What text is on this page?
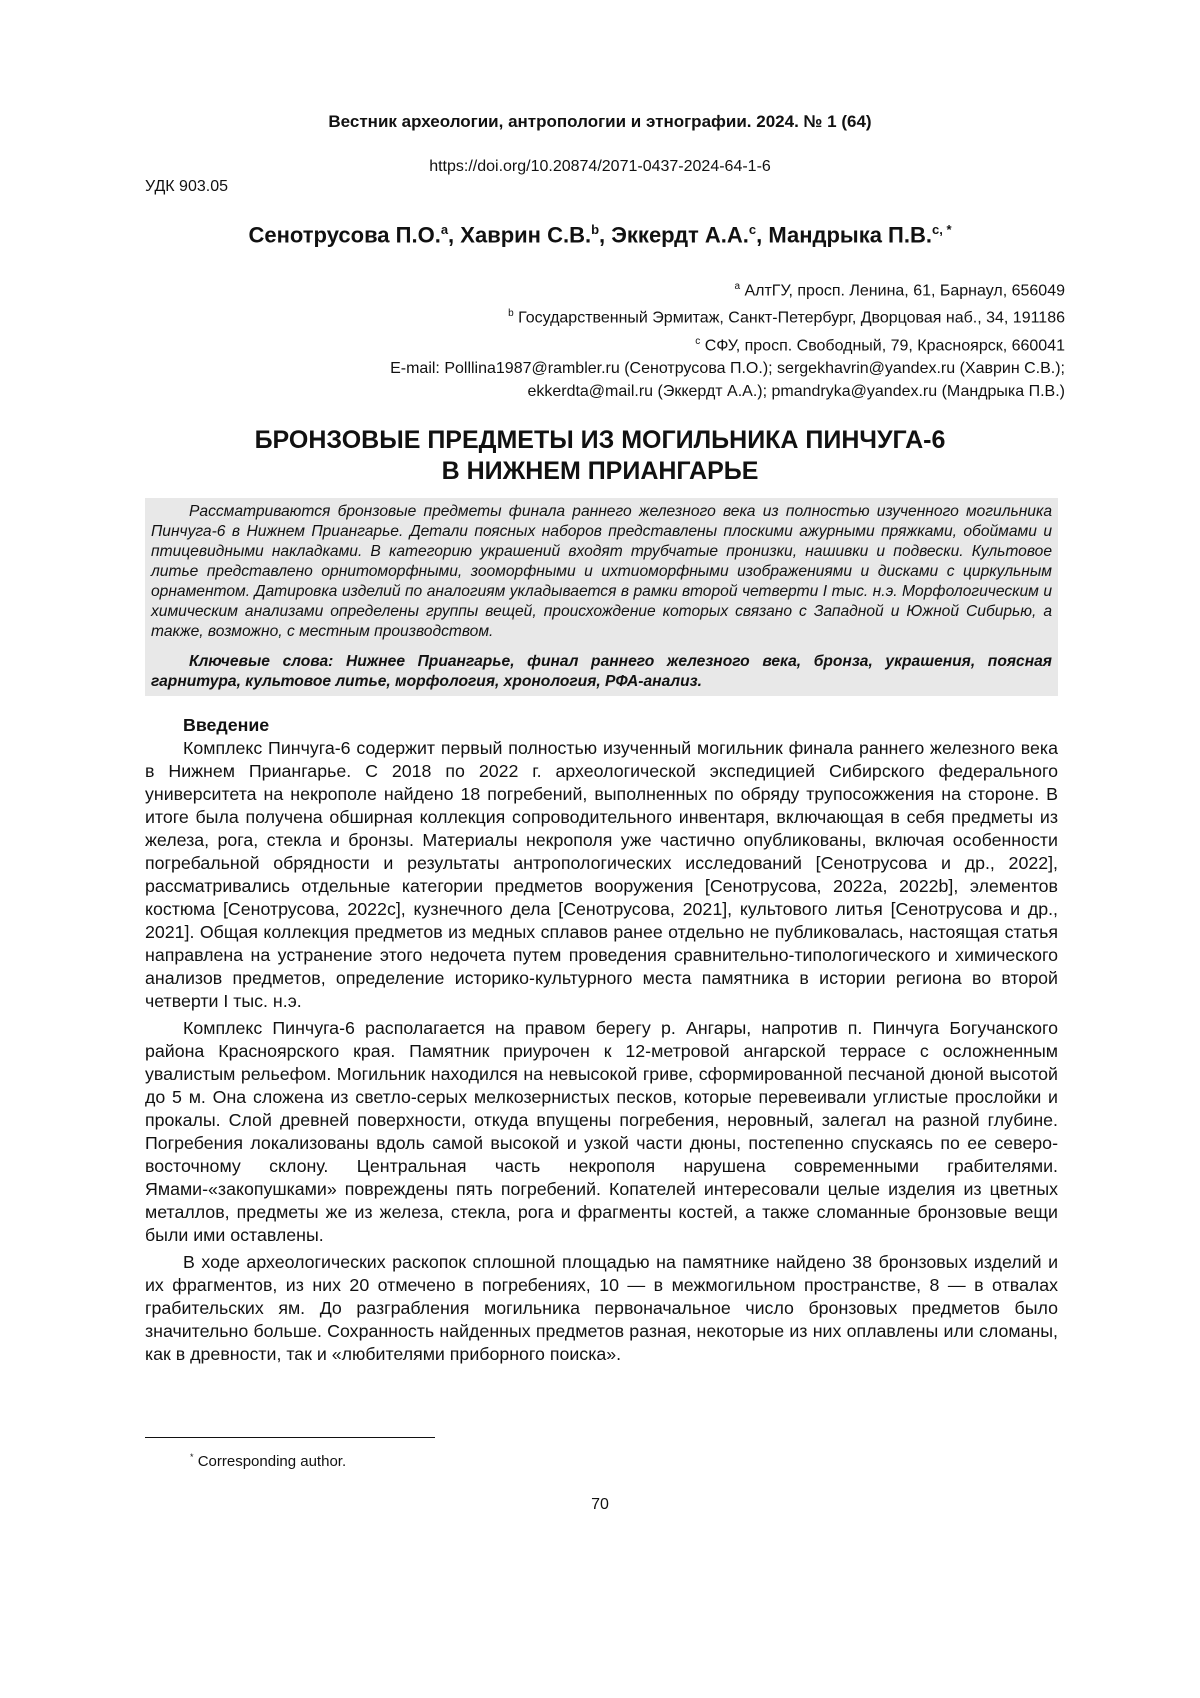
Вестник археологии, антропологии и этнографии. 2024. № 1 (64)
https://doi.org/10.20874/2071-0437-2024-64-1-6
УДК 903.05
Сенотрусова П.О.$^a$, Хаврин С.В.$^b$, Эккердт А.А.$^c$, Мандрыка П.В.$^{c, *}$
$^a$ АлтГУ, просп. Ленина, 61, Барнаул, 656049
$^b$ Государственный Эрмитаж, Санкт-Петербург, Дворцовая наб., 34, 191186
$^c$ СФУ, просп. Свободный, 79, Красноярск, 660041
E-mail: Polllina1987@rambler.ru (Сенотрусова П.О.); sergekhavrin@yandex.ru (Хаврин С.В.);
ekkerdta@mail.ru (Эккердт А.А.); pmandryka@yandex.ru (Мандрыка П.В.)
БРОНЗОВЫЕ ПРЕДМЕТЫ ИЗ МОГИЛЬНИКА ПИНЧУГА-6
В НИЖНЕМ ПРИАНГАРЬЕ

Рассматриваются бронзовые предметы финала раннего железного века из полностью изученного могильника Пинчуга-6 в Нижнем Приангарье. Детали поясных наборов представлены плоскими ажурными пряжками, обоймами и птицевидными накладками. В категорию украшений входят трубчатые пронизки, нашивки и подвески. Культовое литье представлено орнитоморфными, зооморфными и ихтиоморфными изображениями и дисками с циркульным орнаментом. Датировка изделий по аналогиям укладывается в рамки второй четверти I тыс. н.э. Морфологическим и химическим анализами определены группы вещей, происхождение которых связано с Западной и Южной Сибирью, а также, возможно, с местным производством.

Ключевые слова: Нижнее Приангарье, финал раннего железного века, бронза, украшения, поясная гарнитура, культовое литье, морфология, хронология, РФА-анализ.

Введение

Комплекс Пинчуга-6 содержит первый полностью изученный могильник финала раннего железного века в Нижнем Приангарье. С 2018 по 2022 г. археологической экспедицией Сибирского федерального университета на некрополе найдено 18 погребений, выполненных по обряду трупосожжения на стороне. В итоге была получена обширная коллекция сопроводительного инвентаря, включающая в себя предметы из железа, рога, стекла и бронзы. Материалы некрополя уже частично опубликованы, включая особенности погребальной обрядности и результаты антропологических исследований [Сенотрусова и др., 2022], рассматривались отдельные категории предметов вооружения [Сенотрусова, 2022а, 2022b], элементов костюма [Сенотрусова, 2022c], кузнечного дела [Сенотрусова, 2021], культового литья [Сенотрусова и др., 2021]. Общая коллекция предметов из медных сплавов ранее отдельно не публиковалась, настоящая статья направлена на устранение этого недочета путем проведения сравнительно-типологического и химического анализов предметов, определение историко-культурного места памятника в истории региона во второй четверти I тыс. н.э.

Комплекс Пинчуга-6 располагается на правом берегу р. Ангары, напротив п. Пинчуга Богучанского района Красноярского края. Памятник приурочен к 12-метровой ангарской террасе с осложненным увалистым рельефом. Могильник находился на невысокой гриве, сформированной песчаной дюной высотой до 5 м. Она сложена из светло-серых мелкозернистых песков, которые перевеивали углистые прослойки и прокалы. Слой древней поверхности, откуда впущены погребения, неровный, залегал на разной глубине. Погребения локализованы вдоль самой высокой и узкой части дюны, постепенно спускаясь по ее северо-восточному склону. Центральная часть некрополя нарушена современными грабителями. Ямами-«закопушками» повреждены пять погребений. Копателей интересовали целые изделия из цветных металлов, предметы же из железа, стекла, рога и фрагменты костей, а также сломанные бронзовые вещи были ими оставлены.

В ходе археологических раскопок сплошной площадью на памятнике найдено 38 бронзовых изделий и их фрагментов, из них 20 отмечено в погребениях, 10 — в межмогильном пространстве, 8 — в отвалах грабительских ям. До разграбления могильника первоначальное число бронзовых предметов было значительно больше. Сохранность найденных предметов разная, некоторые из них оплавлены или сломаны, как в древности, так и «любителями приборного поиска».

* Corresponding author.
70
